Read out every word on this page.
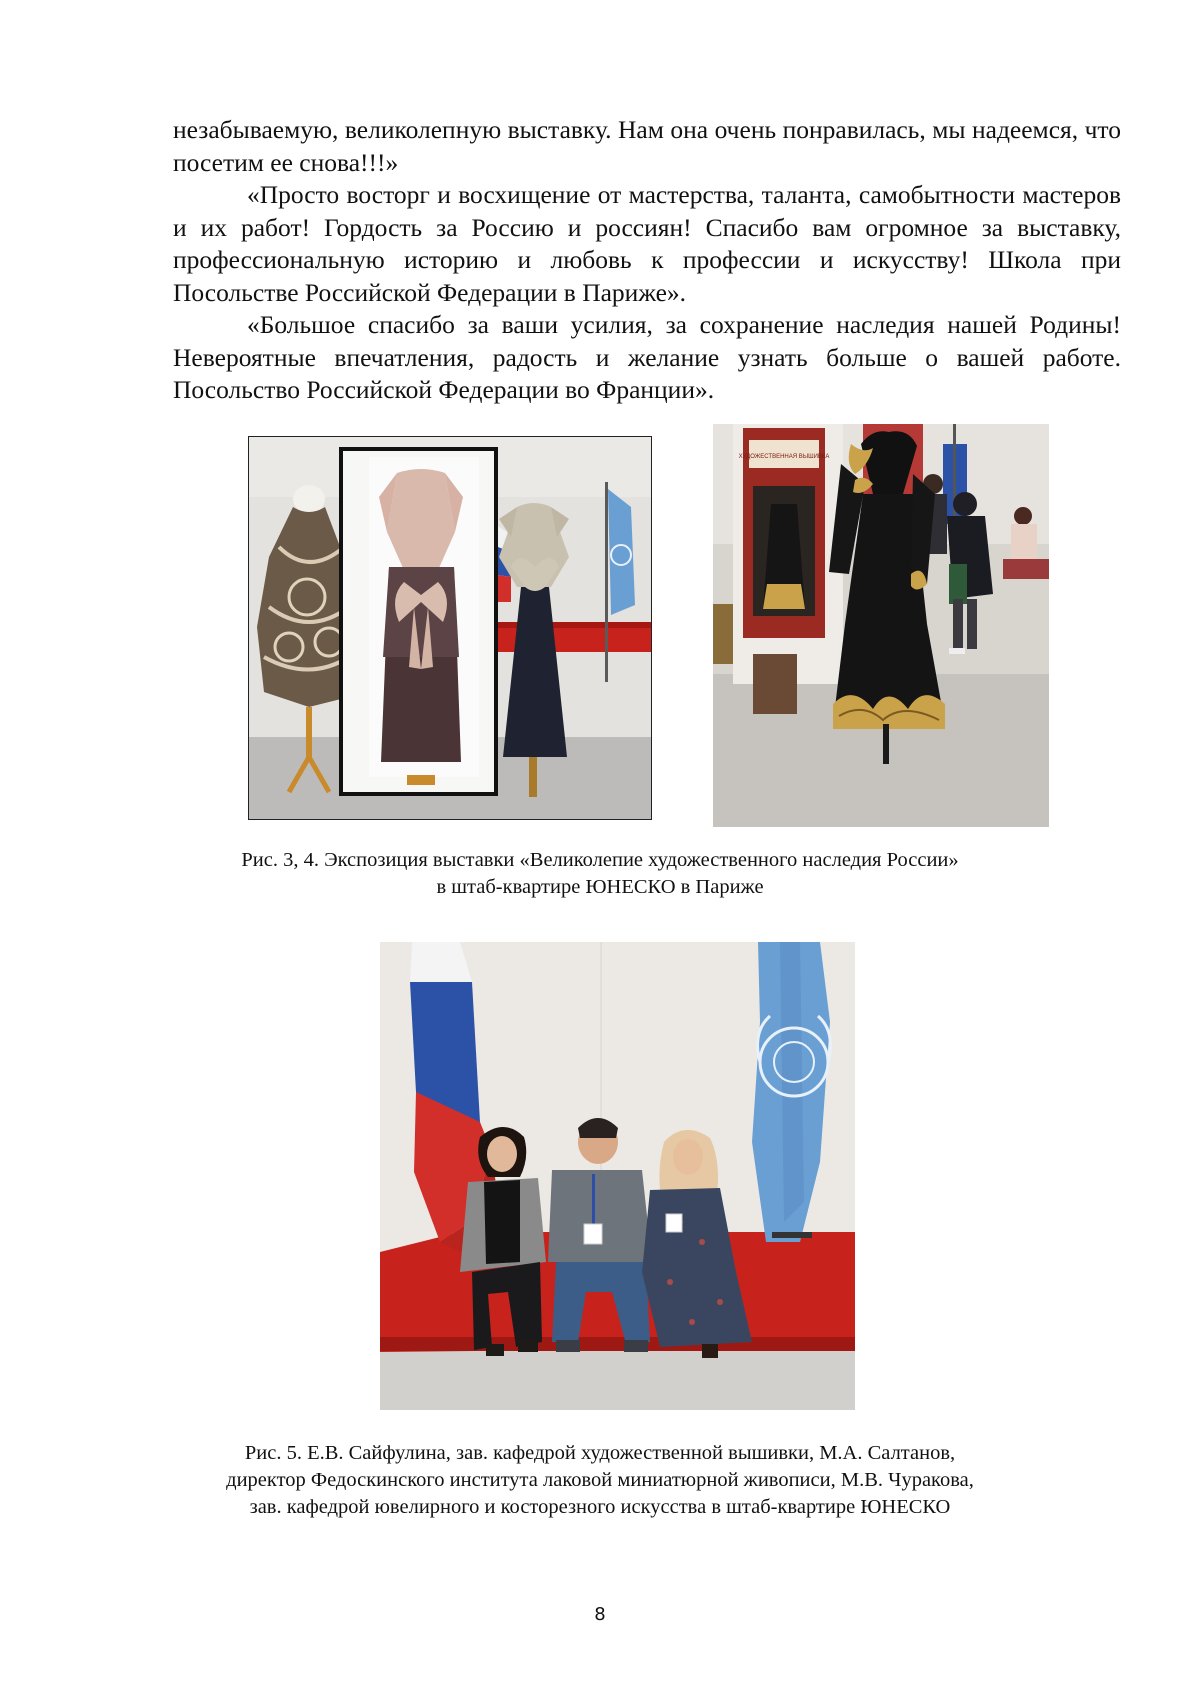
незабываемую, великолепную выставку. Нам она очень понравилась, мы надеемся, что посетим ее снова!!!»

«Просто восторг и восхищение от мастерства, таланта, самобытности мастеров и их работ! Гордость за Россию и россиян! Спасибо вам огромное за выставку, профессиональную историю и любовь к профессии и искусству! Школа при Посольстве Российской Федерации в Париже».

«Большое спасибо за ваши усилия, за сохранение наследия нашей Родины! Невероятные впечатления, радость и желание узнать больше о вашей работе. Посольство Российской Федерации во Франции».

ХУДОЖЕСТВЕННАЯ ВЫШИВКА

Рис. 3, 4. Экспозиция выставки «Великолепие художественного наследия России»
в штаб-квартире ЮНЕСКО в Париже

Рис. 5. Е.В. Сайфулина, зав. кафедрой художественной вышивки, М.А. Салтанов,
директор Федоскинского института лаковой миниатюрной живописи, М.В. Чуракова,
зав. кафедрой ювелирного и косторезного искусства в штаб-квартире ЮНЕСКО

8
